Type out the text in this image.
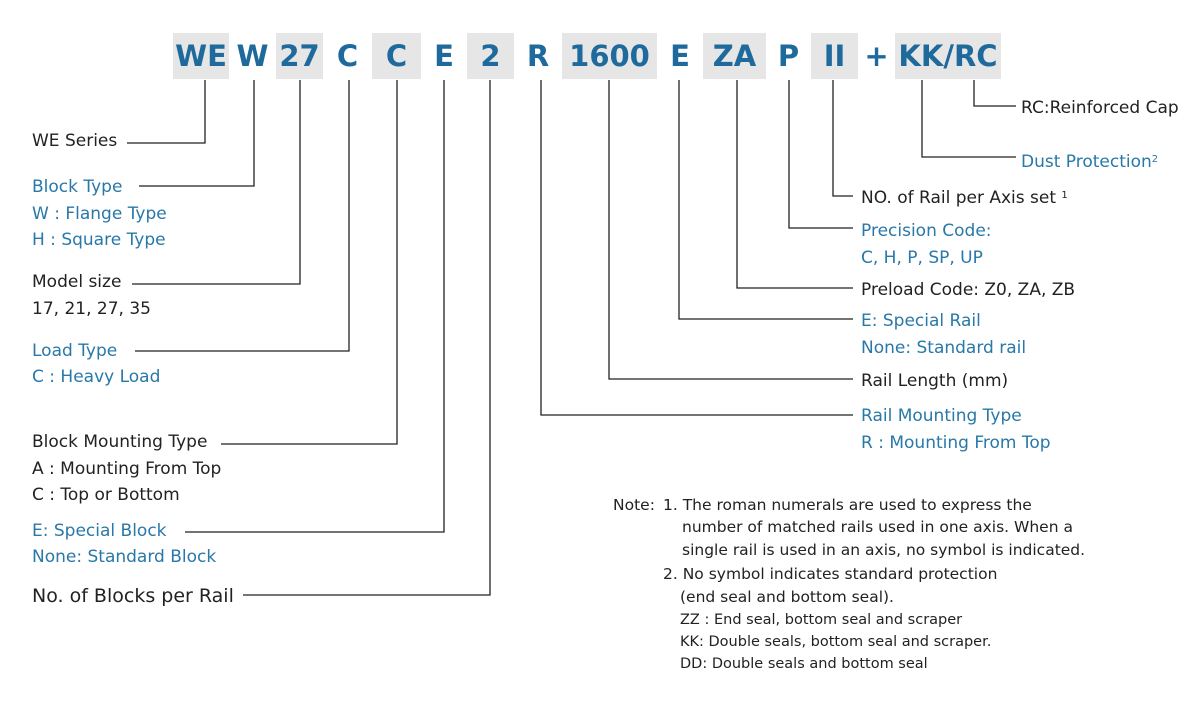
WE W 27 C C E 2 R 1600 E ZA P II + KK/RC
WE Series
Block Type
W : Flange Type
H : Square Type
Model size
17, 21, 27, 35
Load Type
C : Heavy Load
Block Mounting Type
A : Mounting From Top
C : Top or Bottom
E: Special Block
None: Standard Block
No. of Blocks per Rail
RC:Reinforced Cap
Dust Protection$^2$
NO. of Rail per Axis set $^1$
Precision Code:
C, H, P, SP, UP
Preload Code: Z0, ZA, ZB
E: Special Rail
None: Standard rail
Rail Length (mm)
Rail Mounting Type
R : Mounting From Top
Note: 1. The roman numerals are used to express the
number of matched rails used in one axis. When a
single rail is used in an axis, no symbol is indicated.
2. No symbol indicates standard protection
(end seal and bottom seal).
ZZ : End seal, bottom seal and scraper
KK: Double seals, bottom seal and scraper.
DD: Double seals and bottom seal
